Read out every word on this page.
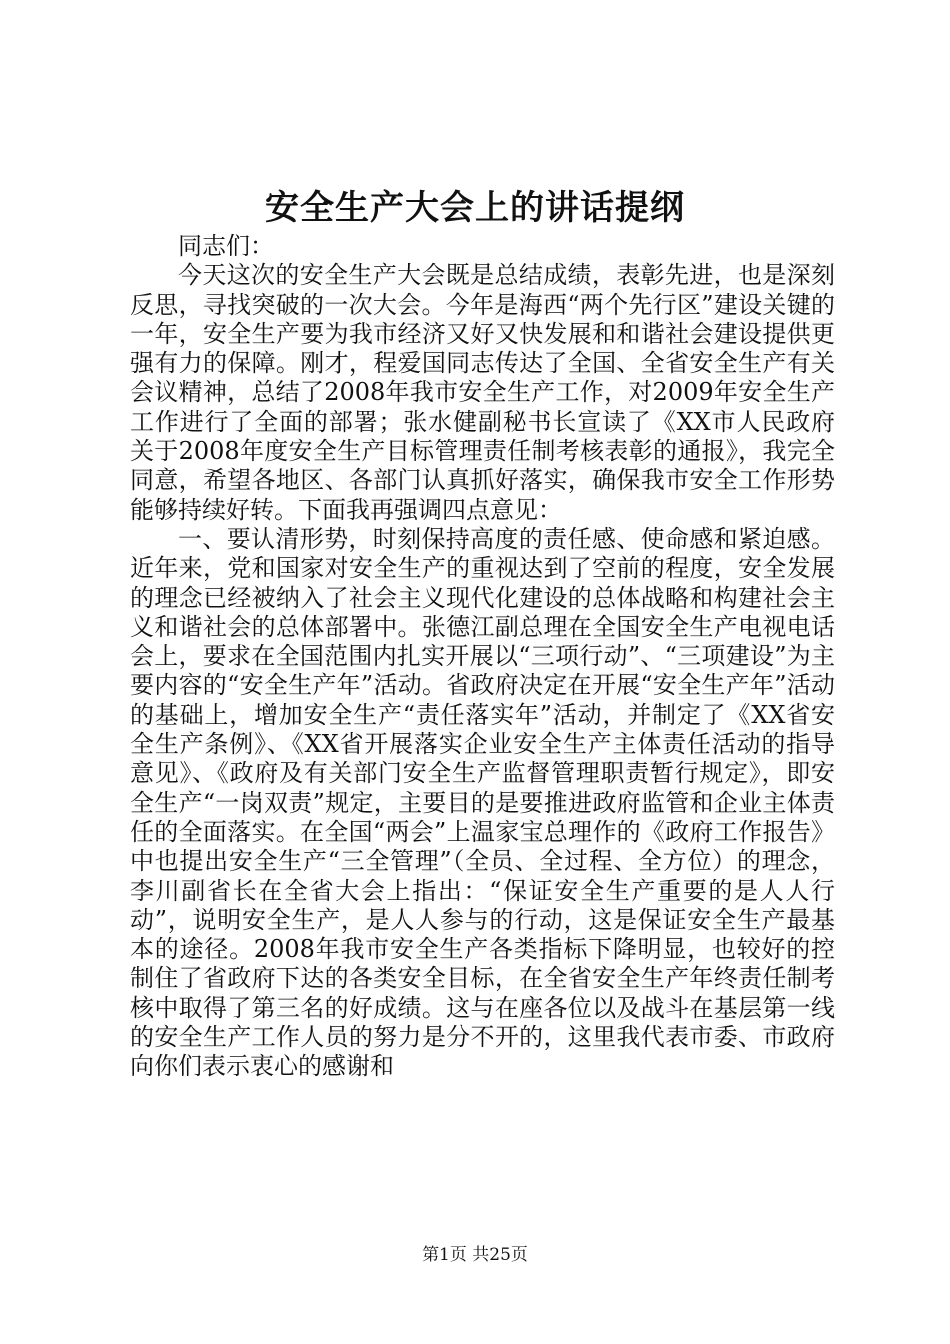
安全生产大会上的讲话提纲

同志们：

今天这次的安全生产大会既是总结成绩，表彰先进，也是深刻反思，寻找突破的一次大会。今年是海西“两个先行区”建设关键的一年，安全生产要为我市经济又好又快发展和和谐社会建设提供更强有力的保障。刚才，程爱国同志传达了全国、全省安全生产有关会议精神，总结了2008年我市安全生产工作，对2009年安全生产工作进行了全面的部署；张水健副秘书长宣读了《XX市人民政府关于2008年度安全生产目标管理责任制考核表彰的通报》，我完全同意，希望各地区、各部门认真抓好落实，确保我市安全工作形势能够持续好转。下面我再强调四点意见：

一、要认清形势，时刻保持高度的责任感、使命感和紧迫感。近年来，党和国家对安全生产的重视达到了空前的程度，安全发展的理念已经被纳入了社会主义现代化建设的总体战略和构建社会主义和谐社会的总体部署中。张德江副总理在全国安全生产电视电话会上，要求在全国范围内扎实开展以“三项行动”、“三项建设”为主要内容的“安全生产年”活动。省政府决定在开展“安全生产年”活动的基础上，增加安全生产“责任落实年”活动，并制定了《XX省安全生产条例》、《XX省开展落实企业安全生产主体责任活动的指导意见》、《政府及有关部门安全生产监督管理职责暂行规定》，即安全生产“一岗双责”规定，主要目的是要推进政府监管和企业主体责任的全面落实。在全国“两会”上温家宝总理作的《政府工作报告》中也提出安全生产“三全管理”（全员、全过程、全方位）的理念，李川副省长在全省大会上指出：“保证安全生产重要的是人人行动”，说明安全生产，是人人参与的行动，这是保证安全生产最基本的途径。2008年我市安全生产各类指标下降明显，也较好的控制住了省政府下达的各类安全目标，在全省安全生产年终责任制考核中取得了第三名的好成绩。这与在座各位以及战斗在基层第一线的安全生产工作人员的努力是分不开的，这里我代表市委、市政府向你们表示衷心的感谢和

第1页 共25页
